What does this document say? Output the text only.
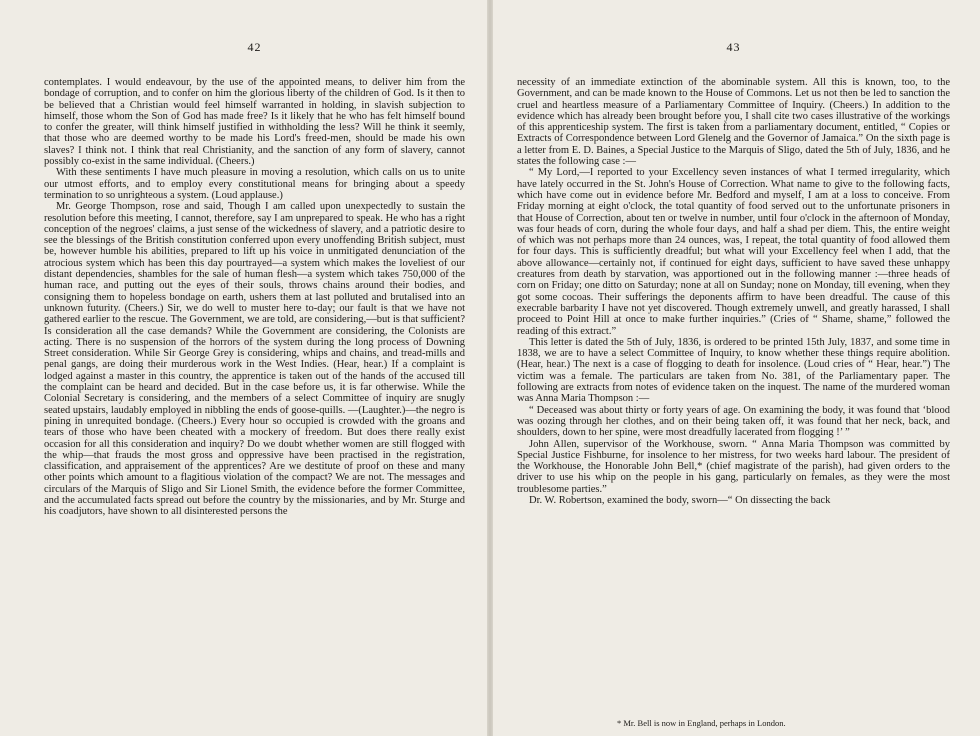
42

contemplates. I would endeavour, by the use of the appointed means, to deliver him from the bondage of corruption, and to confer on him the glorious liberty of the children of God. Is it then to be believed that a Christian would feel himself warranted in holding, in slavish subjection to himself, those whom the Son of God has made free? Is it likely that he who has felt himself bound to confer the greater, will think himself justified in withholding the less? Will he think it seemly, that those who are deemed worthy to be made his Lord's freed-men, should be made his own slaves? I think not. I think that real Christianity, and the sanction of any form of slavery, cannot possibly co-exist in the same individual. (Cheers.)

With these sentiments I have much pleasure in moving a resolution, which calls on us to unite our utmost efforts, and to employ every constitutional means for bringing about a speedy termination to so unrighteous a system. (Loud applause.)

Mr. George Thompson, rose and said, Though I am called upon unexpectedly to sustain the resolution before this meeting, I cannot, therefore, say I am unprepared to speak. He who has a right conception of the negroes' claims, a just sense of the wickedness of slavery, and a patriotic desire to see the blessings of the British constitution conferred upon every unoffending British subject, must be, however humble his abilities, prepared to lift up his voice in unmitigated denunciation of the atrocious system which has been this day pourtrayed—a system which makes the loveliest of our distant dependencies, shambles for the sale of human flesh—a system which takes 750,000 of the human race, and putting out the eyes of their souls, throws chains around their bodies, and consigning them to hopeless bondage on earth, ushers them at last polluted and brutalised into an unknown futurity. (Cheers.) Sir, we do well to muster here to-day; our fault is that we have not gathered earlier to the rescue. The Government, we are told, are considering,—but is that sufficient? Is consideration all the case demands? While the Government are considering, the Colonists are acting. There is no suspension of the horrors of the system during the long process of Downing Street consideration. While Sir George Grey is considering, whips and chains, and tread-mills and penal gangs, are doing their murderous work in the West Indies. (Hear, hear.) If a complaint is lodged against a master in this country, the apprentice is taken out of the hands of the accused till the complaint can be heard and decided. But in the case before us, it is far otherwise. While the Colonial Secretary is considering, and the members of a select Committee of inquiry are snugly seated upstairs, laudably employed in nibbling the ends of goose-quills. —(Laughter.)—the negro is pining in unrequited bondage. (Cheers.) Every hour so occupied is crowded with the groans and tears of those who have been cheated with a mockery of freedom. But does there really exist occasion for all this consideration and inquiry? Do we doubt whether women are still flogged with the whip—that frauds the most gross and oppressive have been practised in the registration, classification, and appraisement of the apprentices? Are we destitute of proof on these and many other points which amount to a flagitious violation of the compact? We are not. The messages and circulars of the Marquis of Sligo and Sir Lionel Smith, the evidence before the former Committee, and the accumulated facts spread out before the country by the missionaries, and by Mr. Sturge and his coadjutors, have shown to all disinterested persons the

43

necessity of an immediate extinction of the abominable system. All this is known, too, to the Government, and can be made known to the House of Commons. Let us not then be led to sanction the cruel and heartless measure of a Parliamentary Committee of Inquiry. (Cheers.) In addition to the evidence which has already been brought before you, I shall cite two cases illustrative of the workings of this apprenticeship system. The first is taken from a parliamentary document, entitled, “ Copies or Extracts of Correspondence between Lord Glenelg and the Governor of Jamaica.” On the sixth page is a letter from E. D. Baines, a Special Justice to the Marquis of Sligo, dated the 5th of July, 1836, and he states the following case :—

“ My Lord,—I reported to your Excellency seven instances of what I termed irregularity, which have lately occurred in the St. John's House of Correction. What name to give to the following facts, which have come out in evidence before Mr. Bedford and myself, I am at a loss to conceive. From Friday morning at eight o'clock, the total quantity of food served out to the unfortunate prisoners in that House of Correction, about ten or twelve in number, until four o'clock in the afternoon of Monday, was four heads of corn, during the whole four days, and half a shad per diem. This, the entire weight of which was not perhaps more than 24 ounces, was, I repeat, the total quantity of food allowed them for four days. This is sufficiently dreadful; but what will your Excellency feel when I add, that the above allowance—certainly not, if continued for eight days, sufficient to have saved these unhappy creatures from death by starvation, was apportioned out in the following manner :—three heads of corn on Friday; one ditto on Saturday; none at all on Sunday; none on Monday, till evening, when they got some cocoas. Their sufferings the deponents affirm to have been dreadful. The cause of this execrable barbarity I have not yet discovered. Though extremely unwell, and greatly harassed, I shall proceed to Point Hill at once to make further inquiries.” (Cries of “ Shame, shame,” followed the reading of this extract.”

This letter is dated the 5th of July, 1836, is ordered to be printed 15th July, 1837, and some time in 1838, we are to have a select Committee of Inquiry, to know whether these things require abolition. (Hear, hear.) The next is a case of flogging to death for insolence. (Loud cries of “ Hear, hear.”) The victim was a female. The particulars are taken from No. 381, of the Parliamentary paper. The following are extracts from notes of evidence taken on the inquest. The name of the murdered woman was Anna Maria Thompson :—

“ Deceased was about thirty or forty years of age. On examining the body, it was found that ‘blood was oozing through her clothes, and on their being taken off, it was found that her neck, back, and shoulders, down to her spine, were most dreadfully lacerated from flogging !’ ”

John Allen, supervisor of the Workhouse, sworn. “ Anna Maria Thompson was committed by Special Justice Fishburne, for insolence to her mistress, for two weeks hard labour. The president of the Workhouse, the Honorable John Bell,* (chief magistrate of the parish), had given orders to the driver to use his whip on the people in his gang, particularly on females, as they were the most troublesome parties.”

Dr. W. Robertson, examined the body, sworn—“ On dissecting the back

* Mr. Bell is now in England, perhaps in London.
